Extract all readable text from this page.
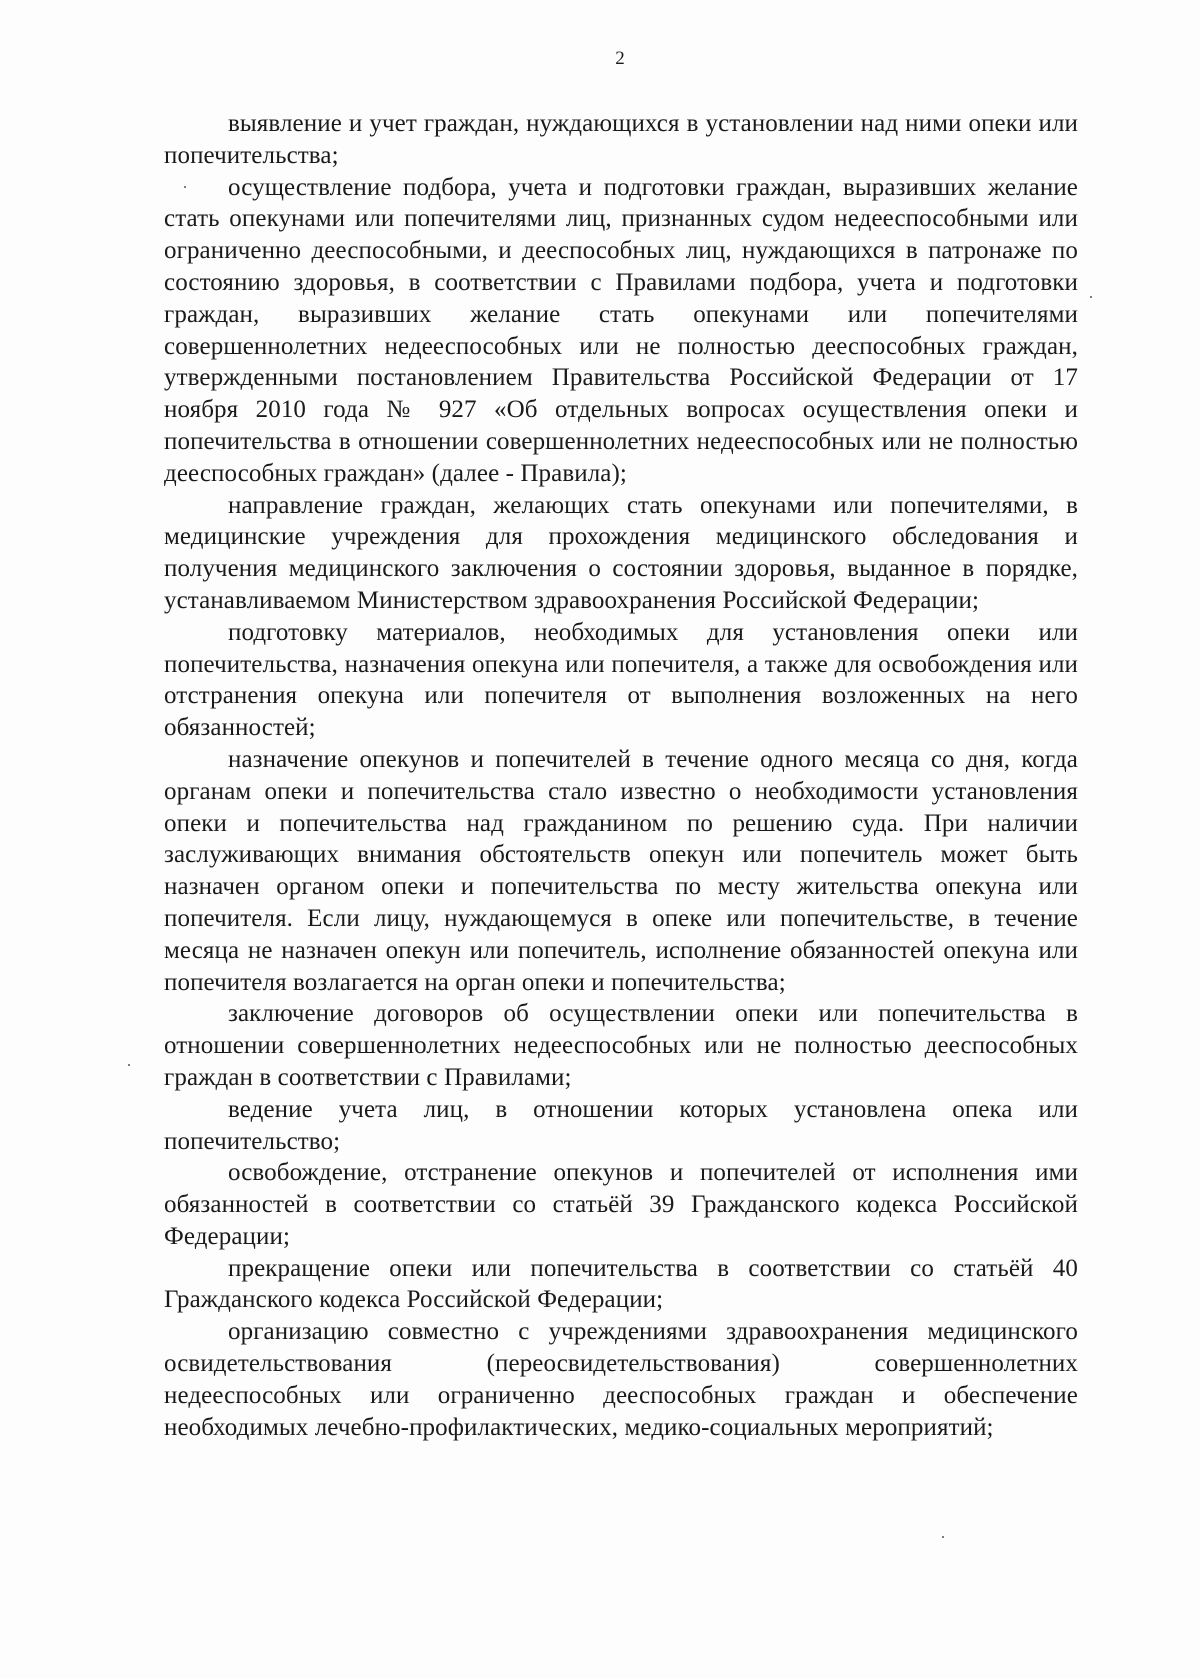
2

выявление и учет граждан, нуждающихся в установлении над ними опеки или попечительства;

осуществление подбора, учета и подготовки граждан, выразивших желание стать опекунами или попечителями лиц, признанных судом недееспособными или ограниченно дееспособными, и дееспособных лиц, нуждающихся в патронаже по состоянию здоровья, в соответствии с Правилами подбора, учета и подготовки граждан, выразивших желание стать опекунами или попечителями совершеннолетних недееспособных или не полностью дееспособных граждан, утвержденными постановлением Правительства Российской Федерации от 17 ноября 2010 года № 927 «Об отдельных вопросах осуществления опеки и попечительства в отношении совершеннолетних недееспособных или не полностью дееспособных граждан» (далее - Правила);

направление граждан, желающих стать опекунами или попечителями, в медицинские учреждения для прохождения медицинского обследования и получения медицинского заключения о состоянии здоровья, выданное в порядке, устанавливаемом Министерством здравоохранения Российской Федерации;

подготовку материалов, необходимых для установления опеки или попечительства, назначения опекуна или попечителя, а также для освобождения или отстранения опекуна или попечителя от выполнения возложенных на него обязанностей;

назначение опекунов и попечителей в течение одного месяца со дня, когда органам опеки и попечительства стало известно о необходимости установления опеки и попечительства над гражданином по решению суда. При наличии заслуживающих внимания обстоятельств опекун или попечитель может быть назначен органом опеки и попечительства по месту жительства опекуна или попечителя. Если лицу, нуждающемуся в опеке или попечительстве, в течение месяца не назначен опекун или попечитель, исполнение обязанностей опекуна или попечителя возлагается на орган опеки и попечительства;

заключение договоров об осуществлении опеки или попечительства в отношении совершеннолетних недееспособных или не полностью дееспособных граждан в соответствии с Правилами;

ведение учета лиц, в отношении которых установлена опека или попечительство;

освобождение, отстранение опекунов и попечителей от исполнения ими обязанностей в соответствии со статьёй 39 Гражданского кодекса Российской Федерации;

прекращение опеки или попечительства в соответствии со статьёй 40 Гражданского кодекса Российской Федерации;

организацию совместно с учреждениями здравоохранения медицинского освидетельствования (переосвидетельствования) совершеннолетних недееспособных или ограниченно дееспособных граждан и обеспечение необходимых лечебно-профилактических, медико-социальных мероприятий;
